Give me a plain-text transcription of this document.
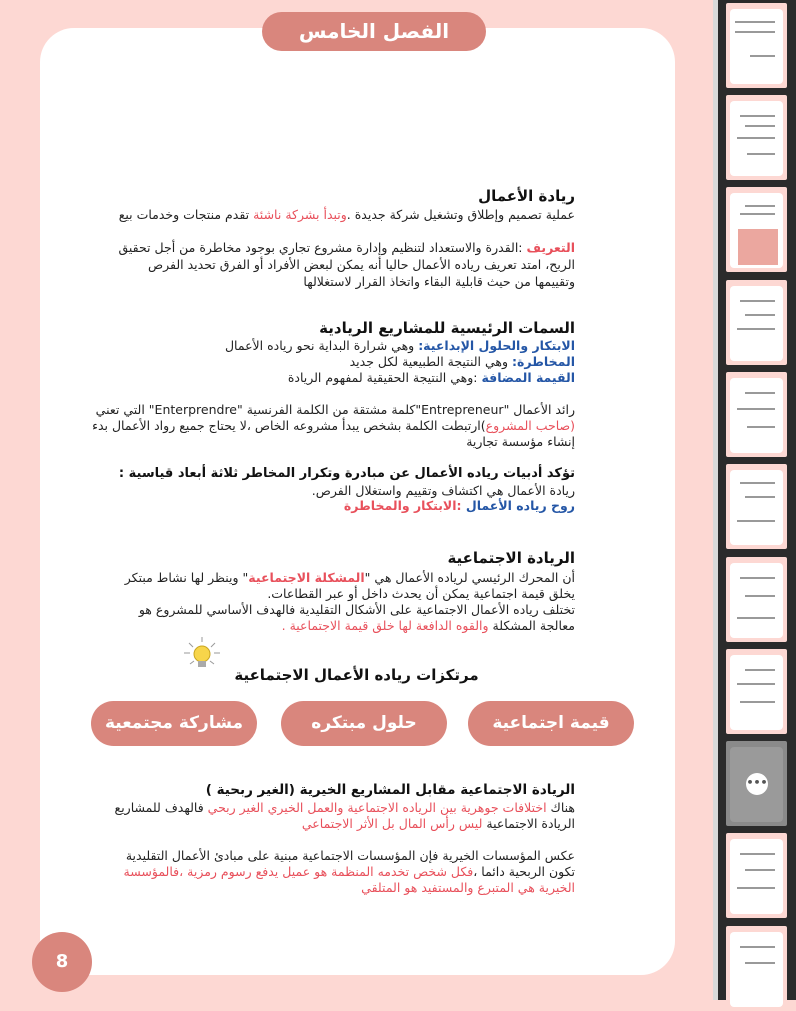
الفصل الخامس
ريادة الأعمال
عملية تصميم وإطلاق وتشغيل شركة جديدة .وتبدأ بشركة ناشئة تقدم منتجات وخدمات بيع
التعريف :القدرة والاستعداد لتنظيم وإدارة مشروع تجاري بوجود مخاطرة من أجل تحقيق
الربح، امتد تعريف رياده الأعمال حاليا أنه يمكن لبعض الأفراد أو الفرق تحديد الفرص
وتقييمها من حيث قابلية البقاء واتخاذ القرار لاستغلالها
السمات الرئيسية للمشاريع الريادية
الابتكار والحلول الإبداعية: وهي شرارة البداية نحو رياده الأعمال
المخاطرة: وهي النتيجة الطبيعية لكل جديد
القيمة المضافة :وهي النتيجة الحقيقية لمفهوم الريادة
رائد الأعمال "Entrepreneur"كلمة مشتقة من الكلمة الفرنسية "Enterprendre" التي تعني
(صاحب المشروع)ارتبطت الكلمة بشخص يبدأ مشروعه الخاص ،لا يحتاج جميع رواد الأعمال بدء
إنشاء مؤسسة تجارية
تؤكد أدبيات رياده الأعمال عن مبادرة وتكرار المخاطر ثلاثة أبعاد قياسية :
ريادة الأعمال هي اكتشاف وتقييم واستغلال الفرص.
روح رياده الأعمال :الابتكار والمخاطرة
الريادة الاجتماعية
أن المحرك الرئيسي لرياده الأعمال هي "المشكلة الاجتماعية" وينظر لها نشاط مبتكر
يخلق قيمة اجتماعية يمكن أن يحدث داخل أو عبر القطاعات.
تختلف رياده الأعمال الاجتماعية على الأشكال التقليدية فالهدف الأساسي للمشروع هو
معالجة المشكلة والقوه الدافعة لها خلق قيمة الاجتماعية .
مرتكزات رياده الأعمال الاجتماعية
قيمة اجتماعية
حلول مبتكره
مشاركة مجتمعية
الريادة الاجتماعية مقابل المشاريع الخيرية (الغير ربحية )
هناك اختلافات جوهرية بين الرياده الاجتماعية والعمل الخيري الغير ربحي فالهدف للمشاريع
الريادة الاجتماعية ليس رأس المال بل الأثر الاجتماعي
عكس المؤسسات الخيرية فإن المؤسسات الاجتماعية مبنية على مبادئ الأعمال التقليدية
تكون الربحية دائما ،فكل شخص تخدمه المنظمة هو عميل يدفع رسوم رمزية ،فالمؤسسة
الخيرية هي المتبرع والمستفيد هو المتلقي
8
•••
